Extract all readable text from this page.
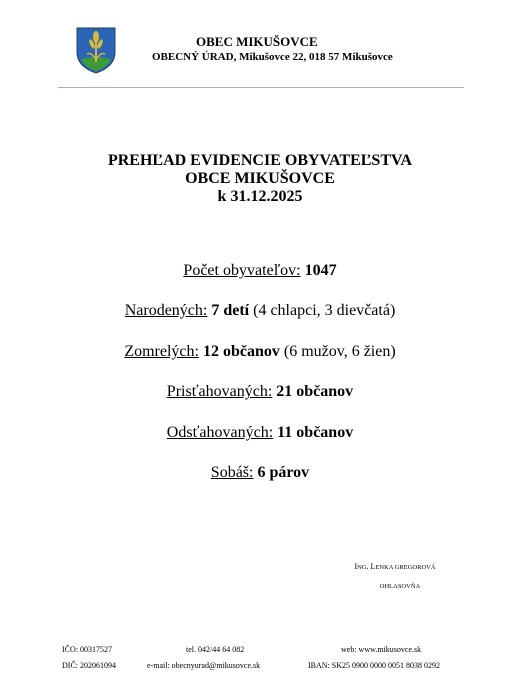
OBEC MIKUŠOVCE
OBECNÝ ÚRAD, Mikušovce 22, 018 57 Mikušovce
PREHĽAD EVIDENCIE OBYVATEĽSTVA
OBCE MIKUŠOVCE
k 31.12.2025
Počet obyvateľov: 1047
Narodených: 7 detí (4 chlapci, 3 dievčatá)
Zomrelých: 12 občanov (6 mužov, 6 žien)
Prisťahovaných: 21 občanov
Odsťahovaných: 11 občanov
Sobáš: 6 párov
ING. LENKA GREGOROVÁ
OHLASOVŇA
IČO: 00317527	tel. 042/44 64 082	web: www.mikusovce.sk
DIČ: 202061094	e-mail: obecnyurad@mikusovce.sk	IBAN: SK25 0900 0000 0051 8038 0292
